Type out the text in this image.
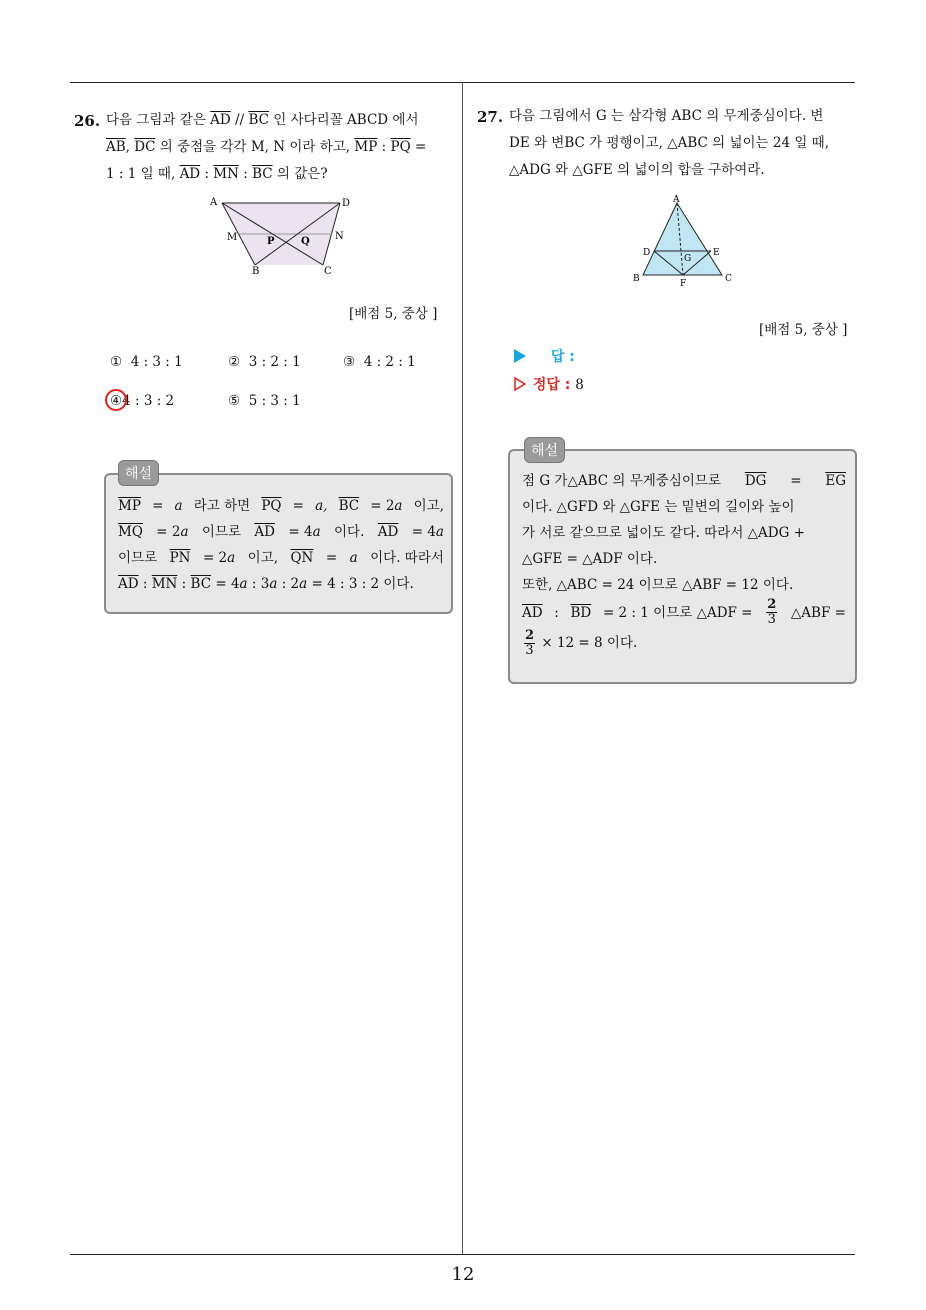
12
26. 다음 그림과 같은 $\overline{AD} // \overline{BC}$ 인 사다리꼴 ABCD 에서
$\overline{AB}$, $\overline{DC}$ 의 중점을 각각 M, N 이라 하고, $\overline{MP}$ : $\overline{PQ}$ =
1 : 1 일 때, $\overline{AD}$ : $\overline{MN}$ : $\overline{BC}$ 의 값은?
A	D
M	N
P	Q
B	C
[배점 5, 중상 ]
① 4 : 3 : 1	② 3 : 2 : 1	③ 4 : 2 : 1
④4 : 3 : 2	⑤ 5 : 3 : 1
해설
$\overline{MP} = a$ 라고 하면 $\overline{PQ} = a$, $\overline{BC} = 2a$ 이고,
$\overline{MQ} = 2a$ 이므로 $\overline{AD} = 4a$ 이다. $\overline{AD} = 4a$
이므로 $\overline{PN} = 2a$ 이고, $\overline{QN} = a$ 이다. 따라서
$\overline{AD}$ : $\overline{MN}$ : $\overline{BC} = 4a$ : 3a : 2a = 4 : 3 : 2 이다.
27. 다음 그림에서 G 는 삼각형 ABC 의 무게중심이다. 변
DE 와 변BC 가 평행이고, △ABC 의 넓이는 24 일 때,
△ADG 와 △GFE 의 넓이의 합을 구하여라.
A
D	E
G
B	F	C
[배점 5, 중상 ]
답 :
정답 : 8
해설
점 G 가△ABC 의 무게중심이므로 $\overline{DG} = \overline{EG}$
이다. △GFD 와 △GFE 는 밑변의 길이와 높이
가 서로 같으므로 넓이도 같다. 따라서 △ADG +
△GFE = △ADF 이다.
또한, △ABC = 24 이므로 △ABF = 12 이다.
$\overline{AD}$ : $\overline{BD} = 2$ : 1 이므로 △ADF = $\frac{2}{3}$ △ABF =
$\frac{2}{3} \times 12 = 8$ 이다.
